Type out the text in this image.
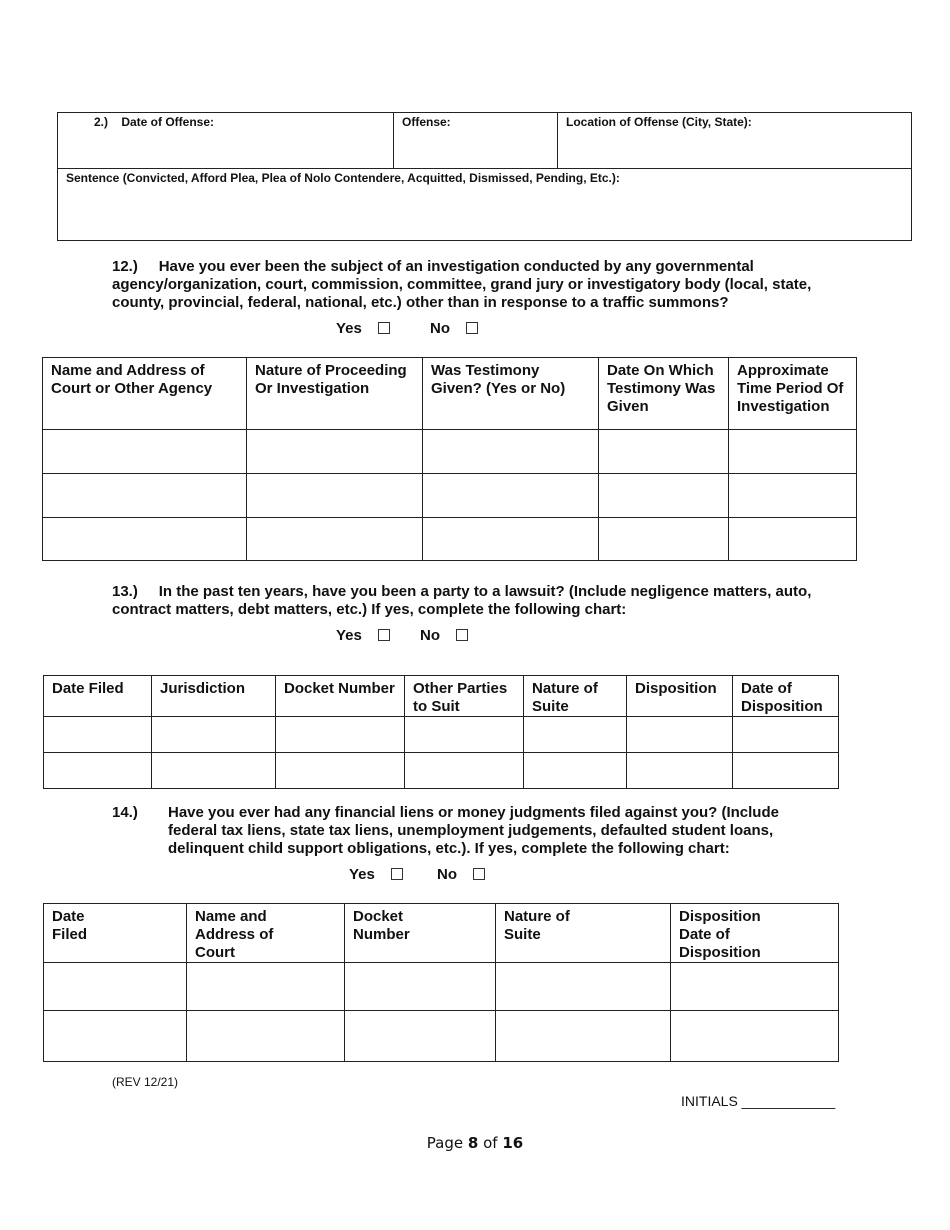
2.)    Date of Offense:	Offense:	Location of Offense (City, State):
Sentence (Convicted, Afford Plea, Plea of Nolo Contendere, Acquitted, Dismissed, Pending, Etc.):
12.) Have you ever been the subject of an investigation conducted by any governmental agency/organization, court, commission, committee, grand jury or investigatory body (local, state, county, provincial, federal, national, etc.) other than in response to a traffic summons?
Yes	No
Name and Address of Court or Other Agency	Nature of Proceeding Or Investigation	Was Testimony Given? (Yes or No)	Date On Which Testimony Was Given	Approximate Time Period Of Investigation

13.) In the past ten years, have you been a party to a lawsuit? (Include negligence matters, auto, contract matters, debt matters, etc.) If yes, complete the following chart:
Yes	No
Date Filed	Jurisdiction	Docket Number	Other Parties to Suit	Nature of Suite	Disposition	Date of Disposition

14.) Have you ever had any financial liens or money judgments filed against you? (Include federal tax liens, state tax liens, unemployment judgements, defaulted student loans, delinquent child support obligations, etc.). If yes, complete the following chart:
Yes	No
Date Filed	Name and Address of Court	Docket Number	Nature of Suite	Disposition Date of Disposition

(REV 12/21)
INITIALS ____________
Page 8 of 16
